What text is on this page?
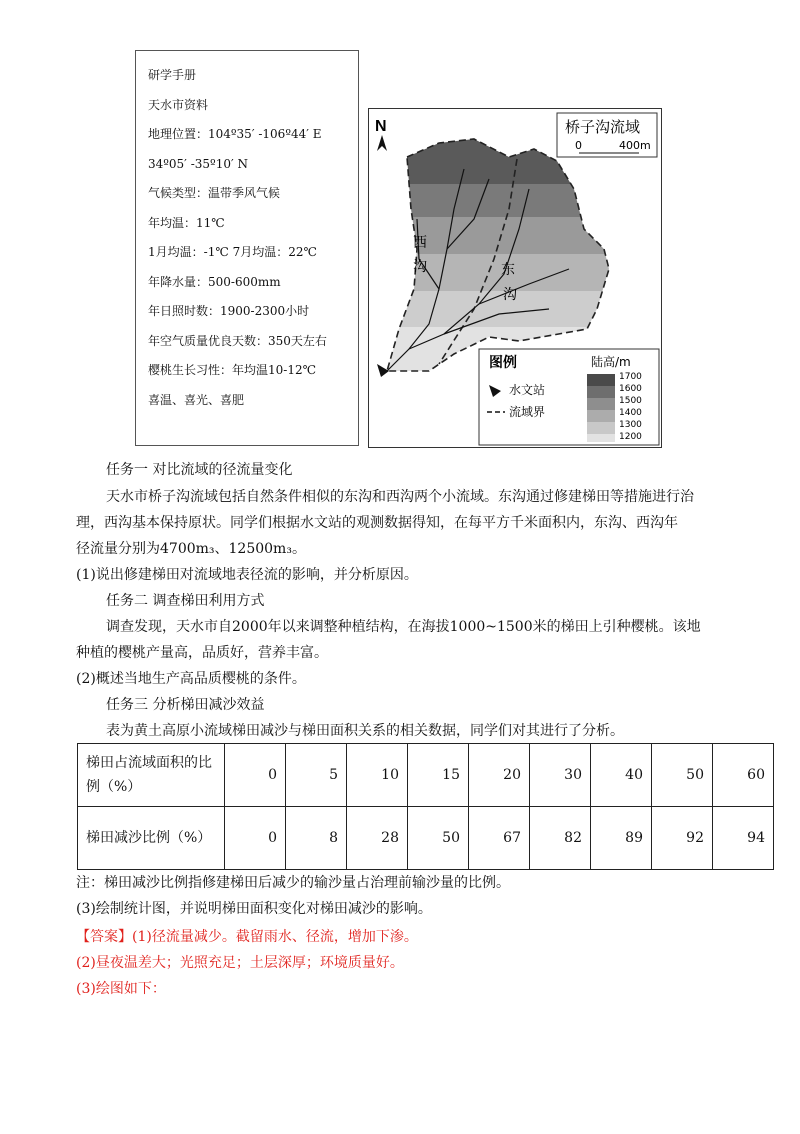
研学手册
天水市资料
地理位置：104º35′ -106º44′ E
34º05′ -35º10′ N
气候类型：温带季风气候
年均温：11℃
1月均温：-1℃ 7月均温：22℃
年降水量：500-600mm
年日照时数：1900-2300小时
年空气质量优良天数：350天左右
樱桃生长习性：年均温10-12℃
喜温、喜光、喜肥
N
西
沟	东
沟
桥子沟流域
0	400m
图例	陆高/m
水文站
流域界
1700
1600
1500
1400
1300
1200
任务一 对比流域的径流量变化
天水市桥子沟流域包括自然条件相似的东沟和西沟两个小流域。东沟通过修建梯田等措施进行治
理，西沟基本保持原状。同学们根据水文站的观测数据得知，在每平方千米面积内，东沟、西沟年
径流量分别为4700m₃、12500m₃。
(1)说出修建梯田对流域地表径流的影响，并分析原因。
任务二 调查梯田利用方式
调查发现，天水市自2000年以来调整种植结构，在海拔1000~1500米的梯田上引种樱桃。该地
种植的樱桃产量高，品质好，营养丰富。
(2)概述当地生产高品质樱桃的条件。
任务三 分析梯田减沙效益
表为黄土高原小流域梯田减沙与梯田面积关系的相关数据，同学们对其进行了分析。
梯田占流域面积的比例（%）	0	5	10	15	20	30	40	50	60
梯田减沙比例（%）	0	8	28	50	67	82	89	92	94
注：梯田减沙比例指修建梯田后减少的输沙量占治理前输沙量的比例。
(3)绘制统计图，并说明梯田面积变化对梯田减沙的影响。
【答案】(1)径流量减少。截留雨水、径流，增加下渗。
(2)昼夜温差大；光照充足；土层深厚；环境质量好。
(3)绘图如下：
